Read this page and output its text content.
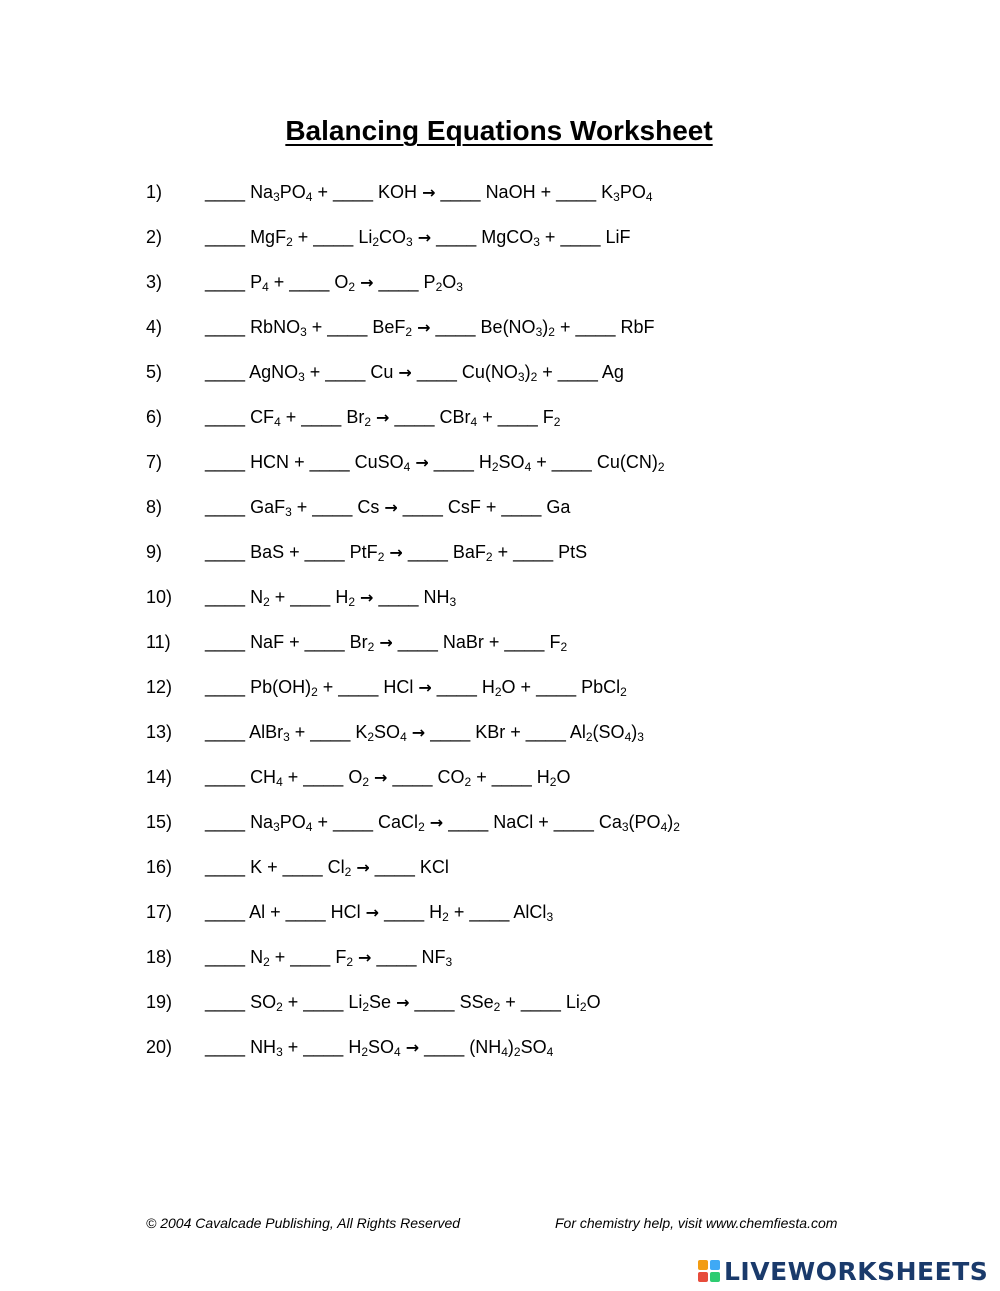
Balancing Equations Worksheet
1) ____ $Na_3PO_4$ + ____ KOH → ____ NaOH + ____ $K_3PO_4$
2) ____ MgF$_2$ + ____ $Li_2CO_3$ → ____ MgCO$_3$ + ____ LiF
3) ____ $P_4$ + ____ $O_2$ → ____ $P_2O_3$
4) ____ RbNO$_3$ + ____ BeF$_2$ → ____ $Be(NO_3)_2$ + ____ RbF
5) ____ AgNO$_3$ + ____ Cu → ____ $Cu(NO_3)_2$ + ____ Ag
6) ____ $CF_4$ + ____ $Br_2$ → ____ CBr$_4$ + ____ $F_2$
7) ____ HCN + ____ CuSO$_4$ → ____ $H_2SO_4$ + ____ $Cu(CN)_2$
8) ____ GaF$_3$ + ____ Cs → ____ CsF + ____ Ga
9) ____ BaS + ____ PtF$_2$ → ____ BaF$_2$ + ____ PtS
10) ____ $N_2$ + ____ $H_2$ → ____ $NH_3$
11) ____ NaF + ____ $Br_2$ → ____ NaBr + ____ $F_2$
12) ____ $Pb(OH)_2$ + ____ HCl → ____ $H_2O$ + ____ PbCl$_2$
13) ____ AlBr$_3$ + ____ $K_2SO_4$ → ____ KBr + ____ $Al_2(SO_4)_3$
14) ____ $CH_4$ + ____ $O_2$ → ____ $CO_2$ + ____ $H_2O$
15) ____ $Na_3PO_4$ + ____ CaCl$_2$ → ____ NaCl + ____ $Ca_3(PO_4)_2$
16) ____ K + ____ $Cl_2$ → ____ KCl
17) ____ Al + ____ HCl → ____ $H_2$ + ____ AlCl$_3$
18) ____ $N_2$ + ____ $F_2$ → ____ $NF_3$
19) ____ $SO_2$ + ____ $Li_2Se$ → ____ SSe$_2$ + ____ $Li_2O$
20) ____ $NH_3$ + ____ $H_2SO_4$ → ____ $(NH_4)_2SO_4$

© 2004 Cavalcade Publishing, All Rights Reserved	For chemistry help, visit www.chemfiesta.com

LIVEWORKSHEETS
